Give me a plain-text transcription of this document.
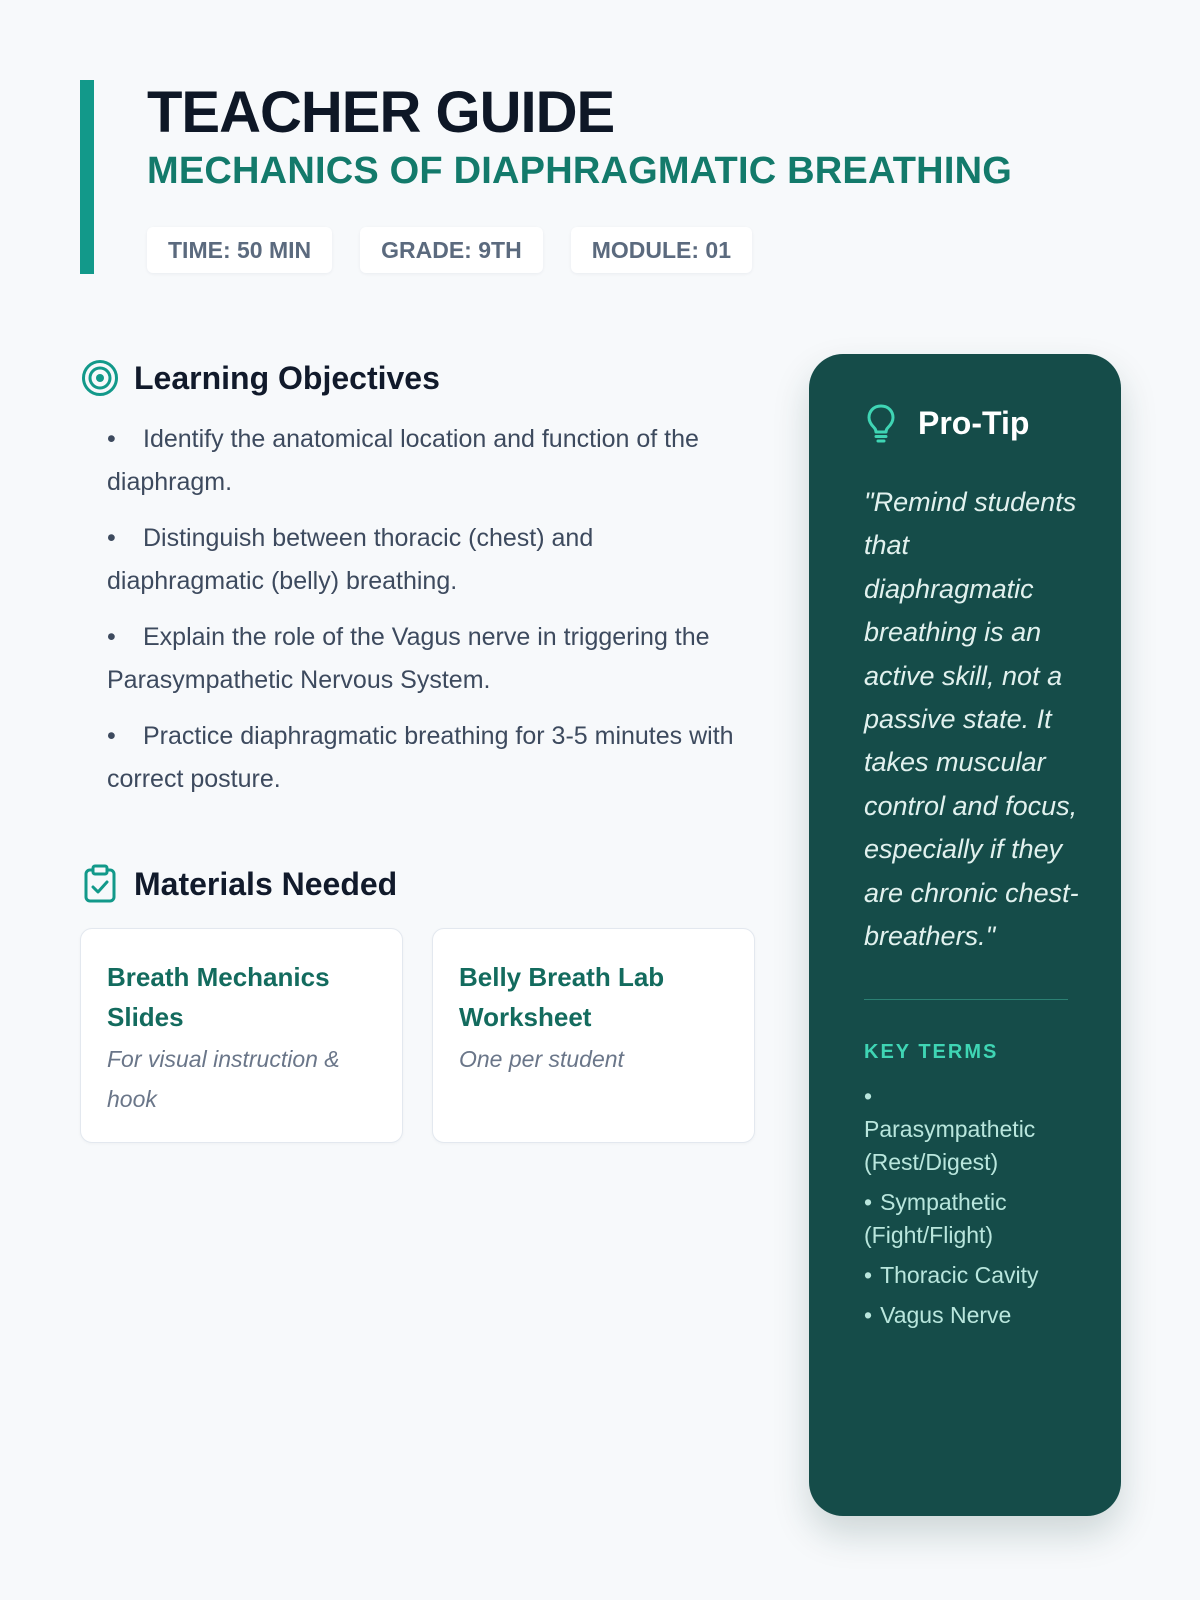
TEACHER GUIDE
MECHANICS OF DIAPHRAGMATIC BREATHING
TIME: 50 MIN	GRADE: 9TH	MODULE: 01
Learning Objectives
• Identify the anatomical location and function of the diaphragm.
• Distinguish between thoracic (chest) and diaphragmatic (belly) breathing.
• Explain the role of the Vagus nerve in triggering the Parasympathetic Nervous System.
• Practice diaphragmatic breathing for 3-5 minutes with correct posture.
Materials Needed
Breath Mechanics Slides
For visual instruction & hook
Belly Breath Lab Worksheet
One per student
Pro-Tip
"Remind students that diaphragmatic breathing is an active skill, not a passive state. It takes muscular control and focus, especially if they are chronic chest-breathers."
KEY TERMS
•
Parasympathetic (Rest/Digest)
• Sympathetic (Fight/Flight)
• Thoracic Cavity
• Vagus Nerve
